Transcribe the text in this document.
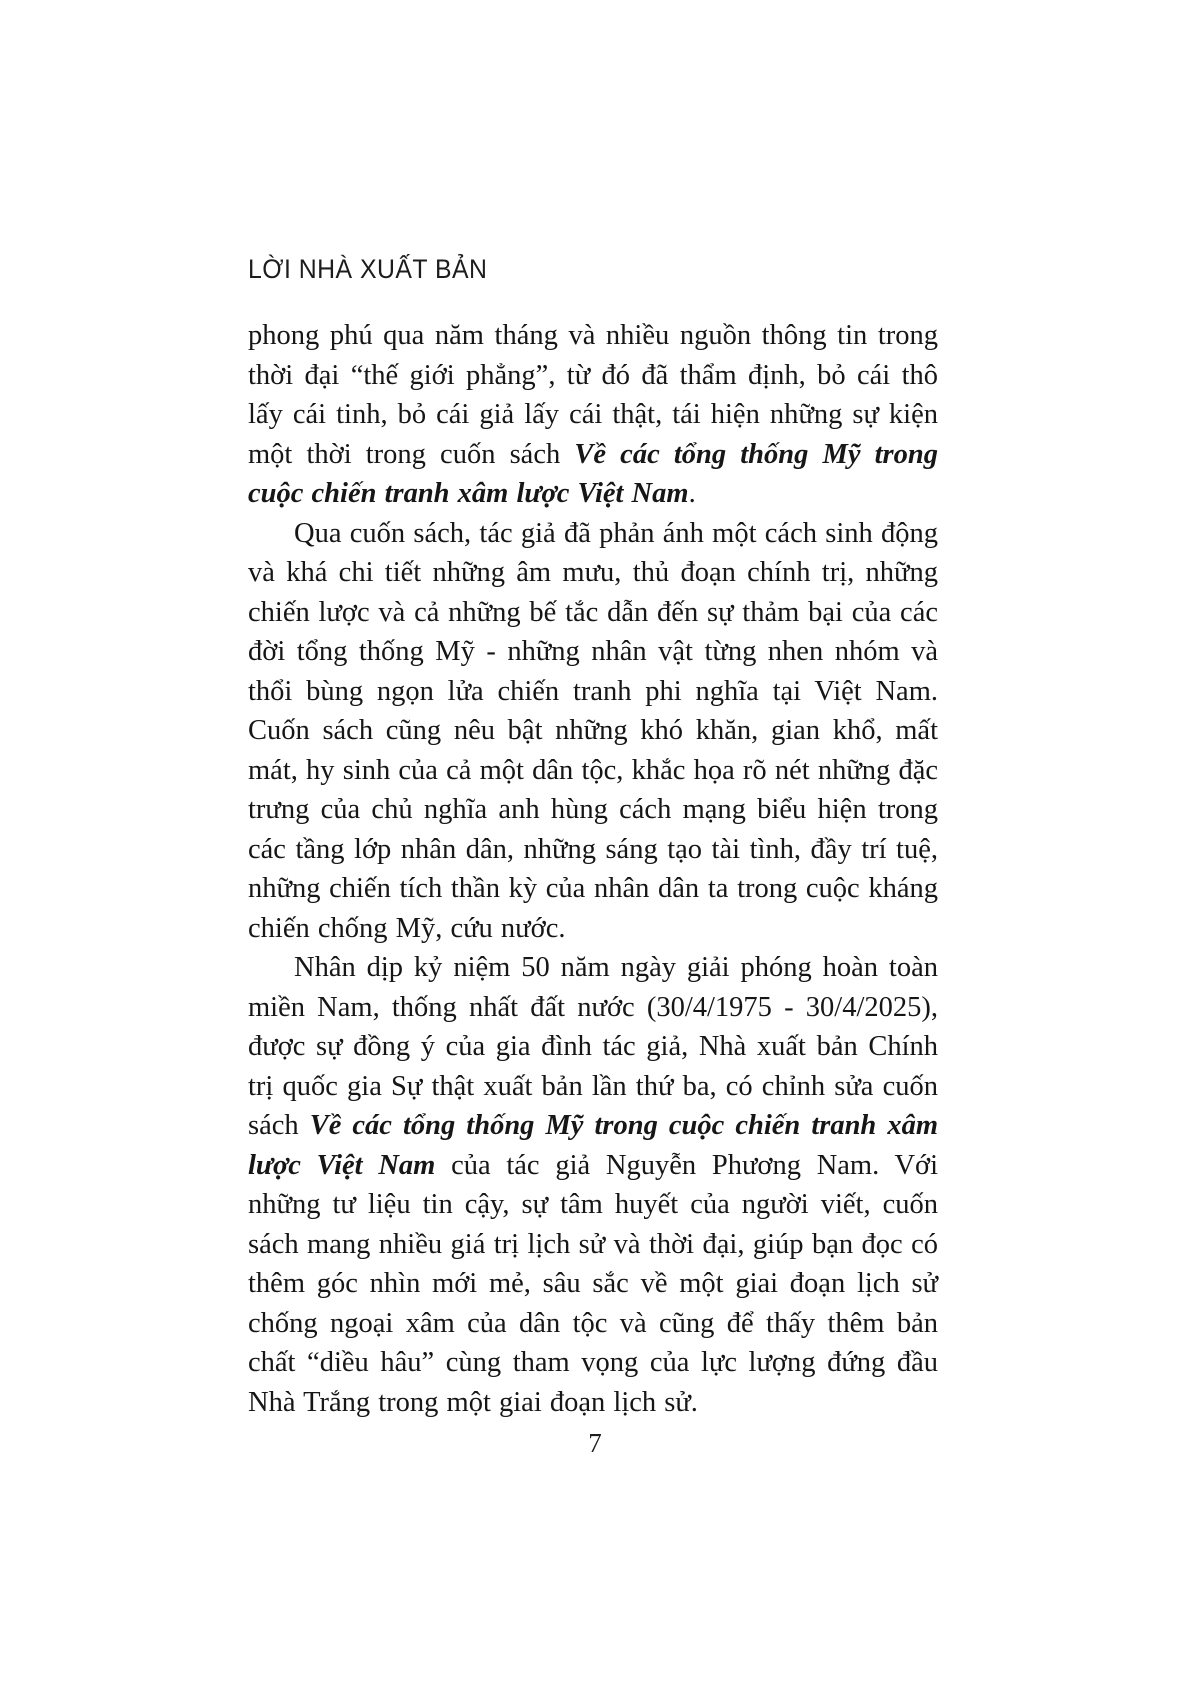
LỜI NHÀ XUẤT BẢN

phong phú qua năm tháng và nhiều nguồn thông tin trong thời đại “thế giới phẳng”, từ đó đã thẩm định, bỏ cái thô lấy cái tinh, bỏ cái giả lấy cái thật, tái hiện những sự kiện một thời trong cuốn sách Về các tổng thống Mỹ trong cuộc chiến tranh xâm lược Việt Nam.

Qua cuốn sách, tác giả đã phản ánh một cách sinh động và khá chi tiết những âm mưu, thủ đoạn chính trị, những chiến lược và cả những bế tắc dẫn đến sự thảm bại của các đời tổng thống Mỹ - những nhân vật từng nhen nhóm và thổi bùng ngọn lửa chiến tranh phi nghĩa tại Việt Nam. Cuốn sách cũng nêu bật những khó khăn, gian khổ, mất mát, hy sinh của cả một dân tộc, khắc họa rõ nét những đặc trưng của chủ nghĩa anh hùng cách mạng biểu hiện trong các tầng lớp nhân dân, những sáng tạo tài tình, đầy trí tuệ, những chiến tích thần kỳ của nhân dân ta trong cuộc kháng chiến chống Mỹ, cứu nước.

Nhân dịp kỷ niệm 50 năm ngày giải phóng hoàn toàn miền Nam, thống nhất đất nước (30/4/1975 - 30/4/2025), được sự đồng ý của gia đình tác giả, Nhà xuất bản Chính trị quốc gia Sự thật xuất bản lần thứ ba, có chỉnh sửa cuốn sách Về các tổng thống Mỹ trong cuộc chiến tranh xâm lược Việt Nam của tác giả Nguyễn Phương Nam. Với những tư liệu tin cậy, sự tâm huyết của người viết, cuốn sách mang nhiều giá trị lịch sử và thời đại, giúp bạn đọc có thêm góc nhìn mới mẻ, sâu sắc về một giai đoạn lịch sử chống ngoại xâm của dân tộc và cũng để thấy thêm bản chất “diều hâu” cùng tham vọng của lực lượng đứng đầu Nhà Trắng trong một giai đoạn lịch sử.

7
